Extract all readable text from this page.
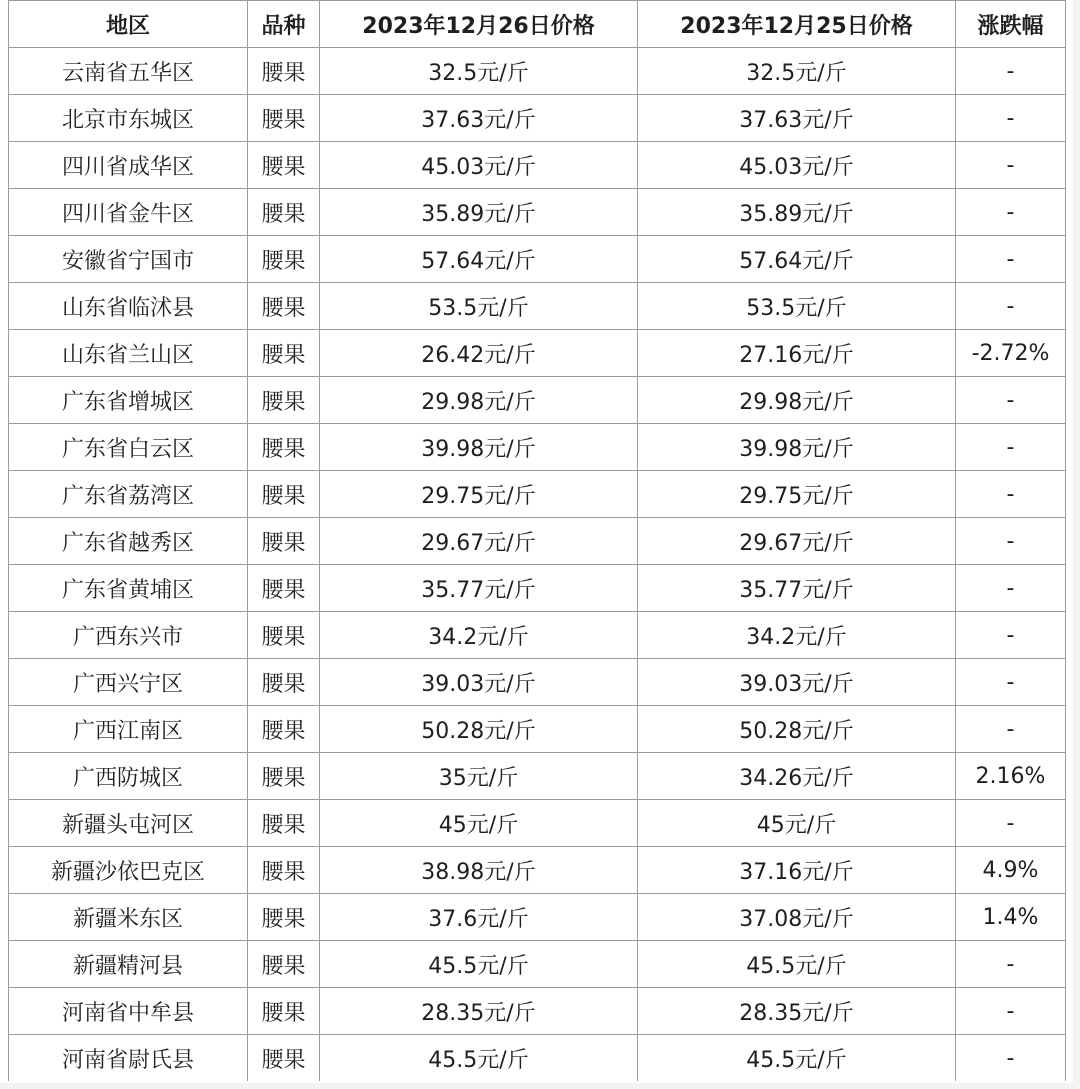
地区	品种	2023年12月26日价格	2023年12月25日价格	涨跌幅
云南省五华区	腰果	32.5元/斤	32.5元/斤	-
北京市东城区	腰果	37.63元/斤	37.63元/斤	-
四川省成华区	腰果	45.03元/斤	45.03元/斤	-
四川省金牛区	腰果	35.89元/斤	35.89元/斤	-
安徽省宁国市	腰果	57.64元/斤	57.64元/斤	-
山东省临沭县	腰果	53.5元/斤	53.5元/斤	-
山东省兰山区	腰果	26.42元/斤	27.16元/斤	-2.72%
广东省增城区	腰果	29.98元/斤	29.98元/斤	-
广东省白云区	腰果	39.98元/斤	39.98元/斤	-
广东省荔湾区	腰果	29.75元/斤	29.75元/斤	-
广东省越秀区	腰果	29.67元/斤	29.67元/斤	-
广东省黄埔区	腰果	35.77元/斤	35.77元/斤	-
广西东兴市	腰果	34.2元/斤	34.2元/斤	-
广西兴宁区	腰果	39.03元/斤	39.03元/斤	-
广西江南区	腰果	50.28元/斤	50.28元/斤	-
广西防城区	腰果	35元/斤	34.26元/斤	2.16%
新疆头屯河区	腰果	45元/斤	45元/斤	-
新疆沙依巴克区	腰果	38.98元/斤	37.16元/斤	4.9%
新疆米东区	腰果	37.6元/斤	37.08元/斤	1.4%
新疆精河县	腰果	45.5元/斤	45.5元/斤	-
河南省中牟县	腰果	28.35元/斤	28.35元/斤	-
河南省尉氏县	腰果	45.5元/斤	45.5元/斤	-
